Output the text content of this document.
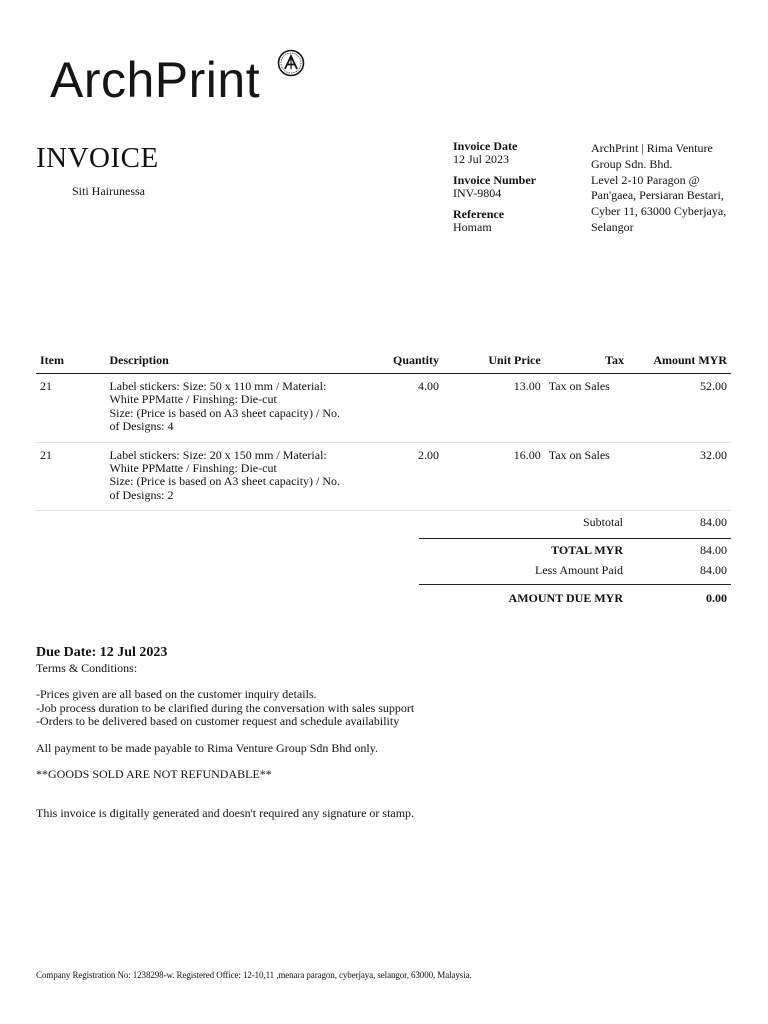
ArchPrint
INVOICE
Siti Hairunessa
Invoice Date
12 Jul 2023
Invoice Number
INV-9804
Reference
Homam
ArchPrint | Rima Venture
Group Sdn. Bhd.
Level 2-10 Paragon @
Pan'gaea, Persiaran Bestari,
Cyber 11, 63000 Cyberjaya,
Selangor
Item	Description	Quantity	Unit Price	Tax	Amount MYR
21	Label stickers: Size: 50 x 110 mm / Material:
White PPMatte / Finshing: Die-cut
Size: (Price is based on A3 sheet capacity) / No.
of Designs: 4	4.00	13.00	Tax on Sales	52.00
21	Label stickers: Size: 20 x 150 mm / Material:
White PPMatte / Finshing: Die-cut
Size: (Price is based on A3 sheet capacity) / No.
of Designs: 2	2.00	16.00	Tax on Sales	32.00
Subtotal	84.00
TOTAL MYR	84.00
Less Amount Paid	84.00
AMOUNT DUE MYR	0.00
Due Date: 12 Jul 2023

Terms & Conditions:

-Prices given are all based on the customer inquiry details.

-Job process duration to be clarified during the conversation with sales support

-Orders to be delivered based on customer request and schedule availability

All payment to be made payable to Rima Venture Group Sdn Bhd only.

**GOODS SOLD ARE NOT REFUNDABLE**

This invoice is digitally generated and doesn't required any signature or stamp.

Company Registration No: 1238298-w. Registered Office: 12-10,11 ,menara paragon, cyberjaya, selangor, 63000, Malaysia.
